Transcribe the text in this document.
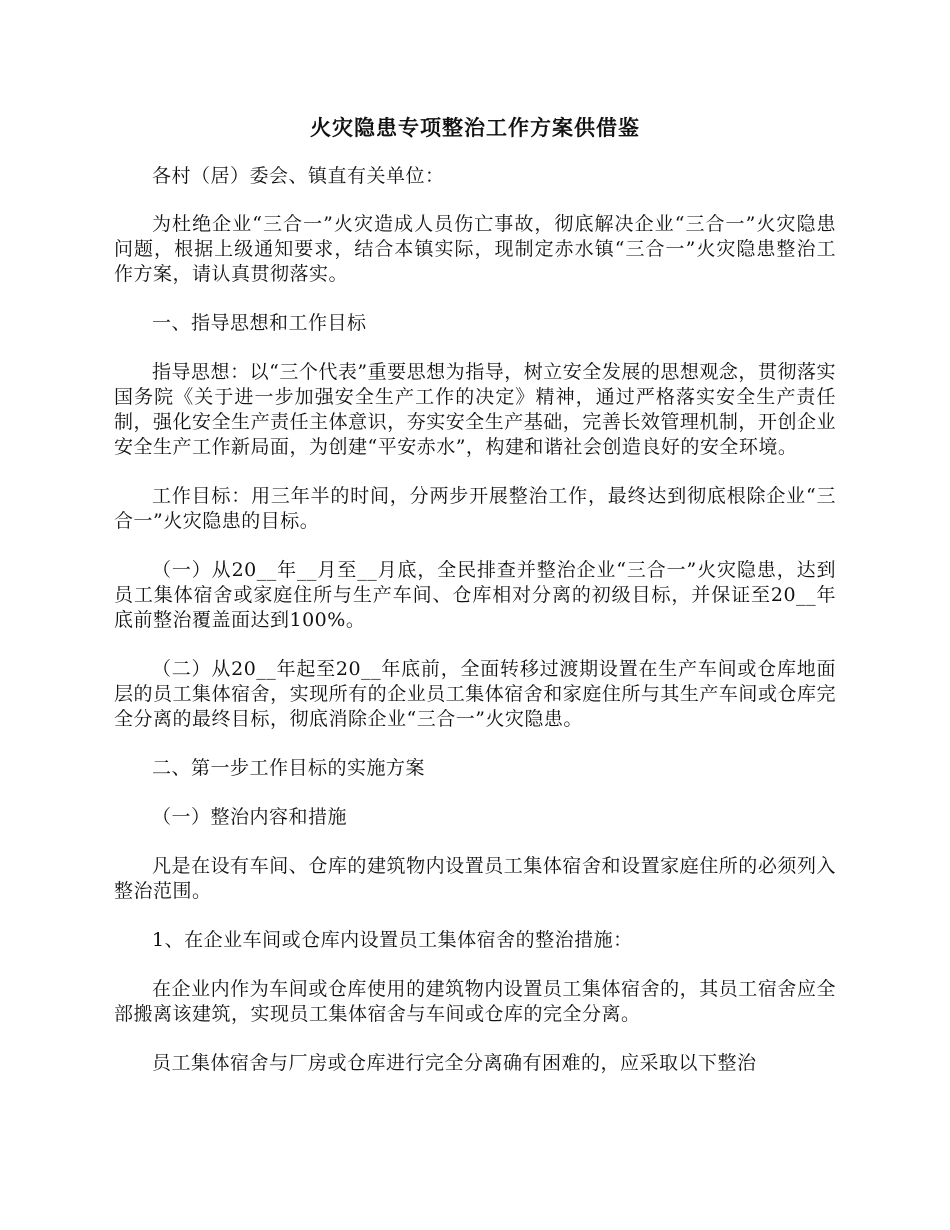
火灾隐患专项整治工作方案供借鉴

各村（居）委会、镇直有关单位：

为杜绝企业“三合一”火灾造成人员伤亡事故，彻底解决企业“三合一”火灾隐患问题，根据上级通知要求，结合本镇实际，现制定赤水镇“三合一”火灾隐患整治工作方案，请认真贯彻落实。

一、指导思想和工作目标

指导思想：以“三个代表”重要思想为指导，树立安全发展的思想观念，贯彻落实国务院《关于进一步加强安全生产工作的决定》精神，通过严格落实安全生产责任制，强化安全生产责任主体意识，夯实安全生产基础，完善长效管理机制，开创企业安全生产工作新局面，为创建“平安赤水”，构建和谐社会创造良好的安全环境。

工作目标：用三年半的时间，分两步开展整治工作，最终达到彻底根除企业“三合一”火灾隐患的目标。

（一）从20__年__月至__月底，全民排查并整治企业“三合一”火灾隐患，达到员工集体宿舍或家庭住所与生产车间、仓库相对分离的初级目标，并保证至20__年底前整治覆盖面达到100%。

（二）从20__年起至20__年底前，全面转移过渡期设置在生产车间或仓库地面层的员工集体宿舍，实现所有的企业员工集体宿舍和家庭住所与其生产车间或仓库完全分离的最终目标，彻底消除企业“三合一”火灾隐患。

二、第一步工作目标的实施方案

（一）整治内容和措施

凡是在设有车间、仓库的建筑物内设置员工集体宿舍和设置家庭住所的必须列入整治范围。

1、在企业车间或仓库内设置员工集体宿舍的整治措施：

在企业内作为车间或仓库使用的建筑物内设置员工集体宿舍的，其员工宿舍应全部搬离该建筑，实现员工集体宿舍与车间或仓库的完全分离。

员工集体宿舍与厂房或仓库进行完全分离确有困难的，应采取以下整治
